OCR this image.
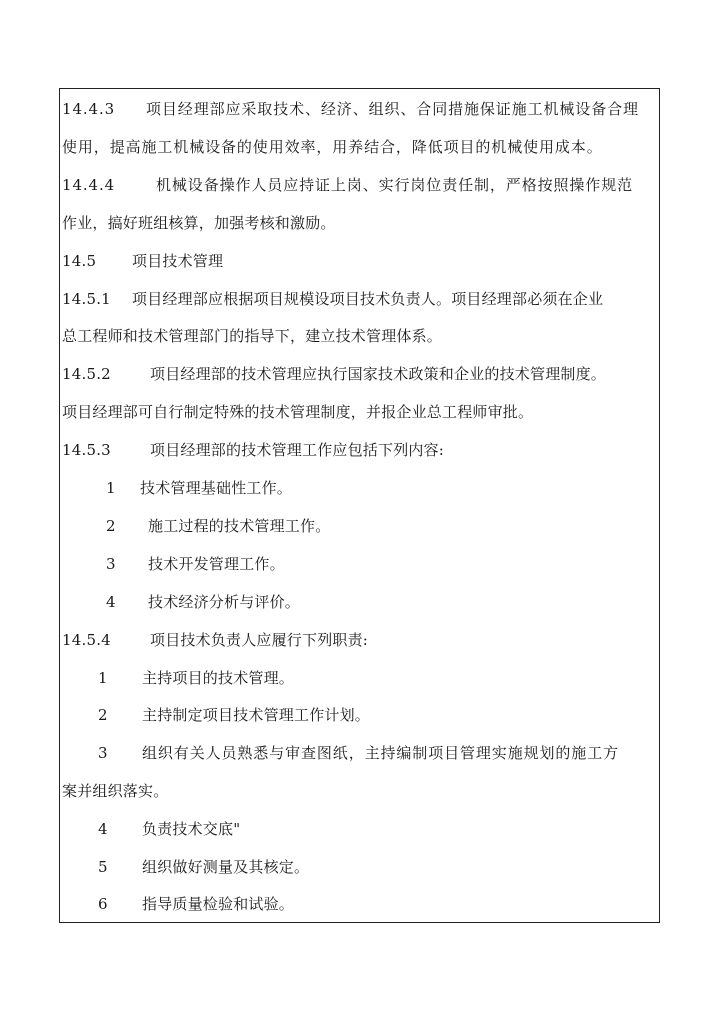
14.4.3 项目经理部应采取技术、经济、组织、合同措施保证施工机械设备合理
使用，提高施工机械设备的使用效率，用养结合，降低项目的机械使用成本。
14.4.4	机械设备操作人员应持证上岗、实行岗位责任制，严格按照操作规范
作业，搞好班组核算，加强考核和激励。
14.5 项目技术管理
14.5.1 项目经理部应根据项目规模设项目技术负责人。项目经理部必须在企业
总工程师和技术管理部门的指导下，建立技术管理体系。
14.5.2	项目经理部的技术管理应执行国家技术政策和企业的技术管理制度。
项目经理部可自行制定特殊的技术管理制度，并报企业总工程师审批。
14.5.3	项目经理部的技术管理工作应包括下列内容:
1 技术管理基础性工作。
2 施工过程的技术管理工作。
3 技术开发管理工作。
4 技术经济分析与评价。
14.5.4	项目技术负责人应履行下列职责:
1 主持项目的技术管理。
2 主持制定项目技术管理工作计划。
3 组织有关人员熟悉与审查图纸，主持编制项目管理实施规划的施工方
案并组织落实。
4 负责技术交底"
5 组织做好测量及其核定。
6 指导质量检验和试验。
